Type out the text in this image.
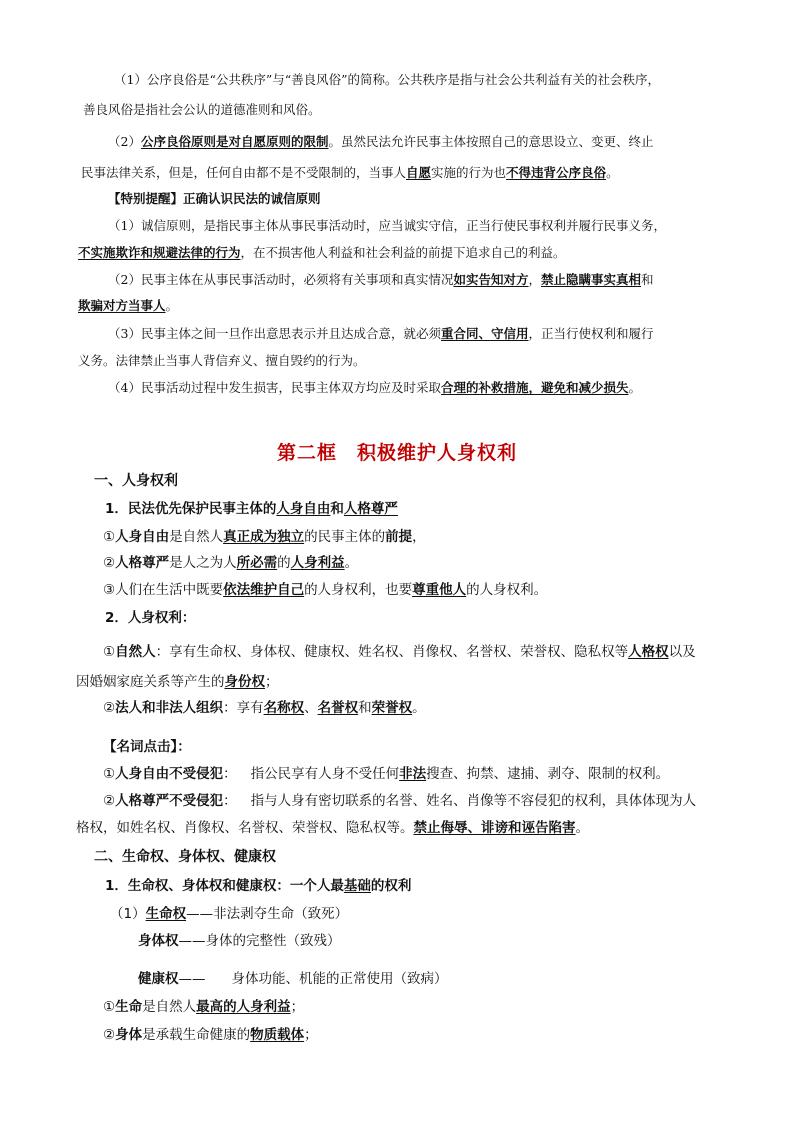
（1）公序良俗是“公共秩序”与“善良风俗”的简称。公共秩序是指与社会公共利益有关的社会秩序，
善良风俗是指社会公认的道德准则和风俗。
（2）公序良俗原则是对自愿原则的限制。虽然民法允许民事主体按照自己的意思设立、变更、终止
民事法律关系，但是，任何自由都不是不受限制的，当事人自愿实施的行为也不得违背公序良俗。
【特别提醒】正确认识民法的诚信原则
（1）诚信原则，是指民事主体从事民事活动时，应当诚实守信，正当行使民事权利并履行民事义务，
不实施欺诈和规避法律的行为，在不损害他人利益和社会利益的前提下追求自己的利益。
（2）民事主体在从事民事活动时，必须将有关事项和真实情况如实告知对方，禁止隐瞒事实真相和
欺骗对方当事人。
（3）民事主体之间一旦作出意思表示并且达成合意，就必须重合同、守信用，正当行使权利和履行
义务。法律禁止当事人背信弃义、擅自毁约的行为。
（4）民事活动过程中发生损害，民事主体双方均应及时采取合理的补救措施，避免和减少损失。
第二框　积极维护人身权利
一、人身权利
1．民法优先保护民事主体的人身自由和人格尊严
①人身自由是自然人真正成为独立的民事主体的前提，
②人格尊严是人之为人所必需的人身利益。
③人们在生活中既要依法维护自己的人身权利，也要尊重他人的人身权利。
2．人身权利：
①自然人：享有生命权、身体权、健康权、姓名权、肖像权、名誉权、荣誉权、隐私权等人格权以及
因婚姻家庭关系等产生的身份权；
②法人和非法人组织：享有名称权、名誉权和荣誉权。
【名词点击】：
①人身自由不受侵犯： 指公民享有人身不受任何非法搜查、拘禁、逮捕、剥夺、限制的权利。
②人格尊严不受侵犯： 指与人身有密切联系的名誉、姓名、肖像等不容侵犯的权利，具体体现为人
格权，如姓名权、肖像权、名誉权、荣誉权、隐私权等。禁止侮辱、诽谤和诬告陷害。
二、生命权、身体权、健康权
1．生命权、身体权和健康权：一个人最基础的权利
（1）生命权——非法剥夺生命（致死）
身体权——身体的完整性（致残）
健康权—— 身体功能、机能的正常使用（致病）
①生命是自然人最高的人身利益；
②身体是承载生命健康的物质载体；
